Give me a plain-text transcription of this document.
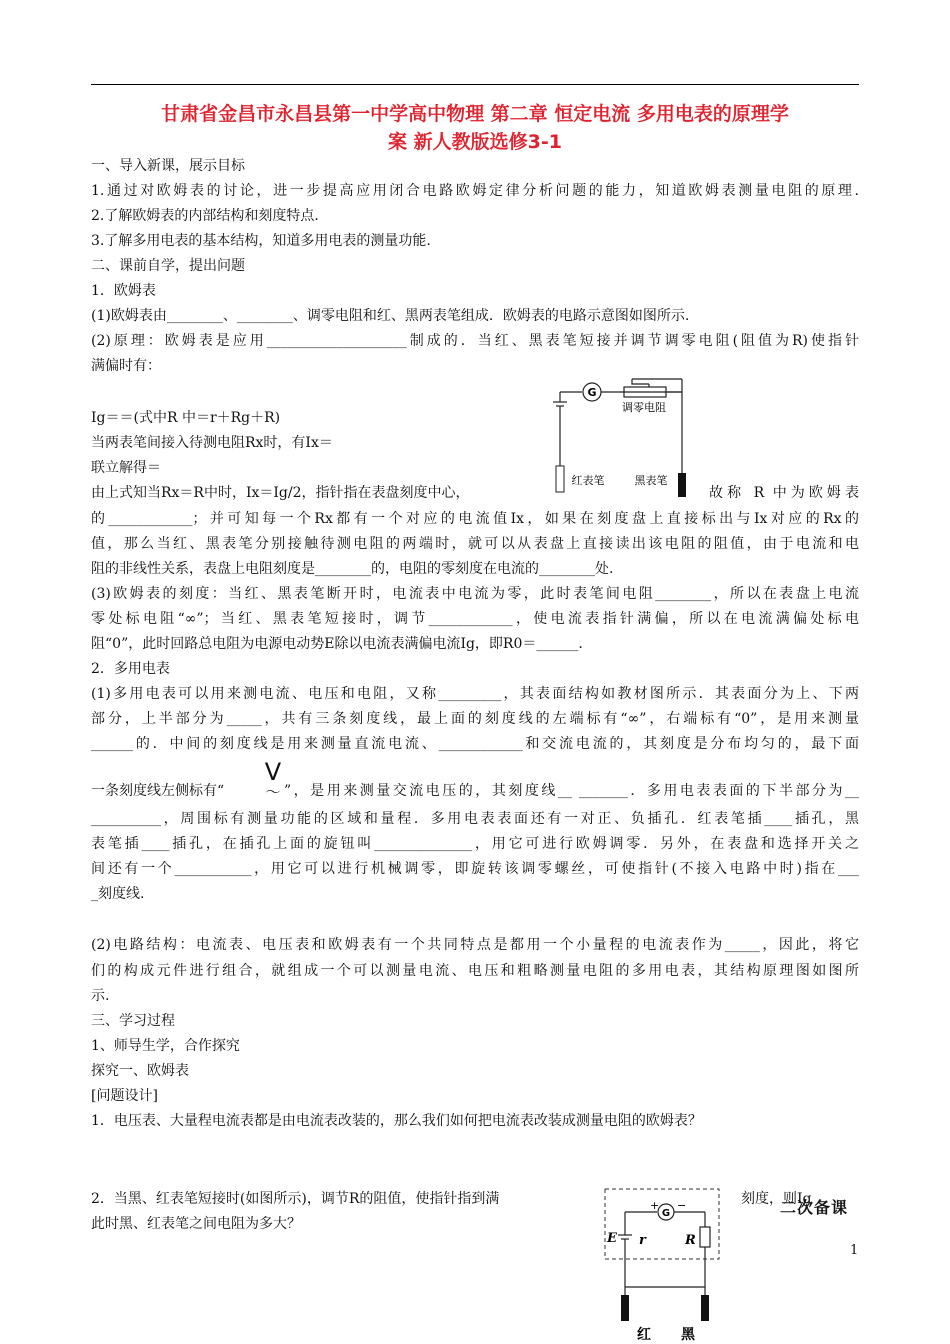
甘肃省金昌市永昌县第一中学高中物理 第二章 恒定电流 多用电表的原理学
案 新人教版选修3-1
一、导入新课，展示目标
1.通过对欧姆表的讨论，进一步提高应用闭合电路欧姆定律分析问题的能力，知道欧姆表测量电阻的原理.
2.了解欧姆表的内部结构和刻度特点.
3.了解多用电表的基本结构，知道多用电表的测量功能.
二、课前自学，提出问题
1．欧姆表
(1)欧姆表由________、________、调零电阻和红、黑两表笔组成．欧姆表的电路示意图如图所示.
(2)原理：欧姆表是应用____________________制成的．当红、黑表笔短接并调节调零电阻(阻值为R)使指针
满偏时有：
Ig＝＝(式中R 中＝r＋Rg＋R)
当两表笔间接入待测电阻Rx时，有Ix＝
联立解得＝
由上式知当Rx＝R中时，Ix＝Ig/2，指针指在表盘刻度中心，	故称 R 中为欧姆表
的____________；并可知每一个Rx都有一个对应的电流值Ix，如果在刻度盘上直接标出与Ix对应的Rx的
值，那么当红、黑表笔分别接触待测电阻的两端时，就可以从表盘上直接读出该电阻的阻值，由于电流和电
阻的非线性关系，表盘上电阻刻度是________的，电阻的零刻度在电流的________处.
(3)欧姆表的刻度：当红、黑表笔断开时，电流表中电流为零，此时表笔间电阻________，所以在表盘上电流
零处标电阻“∞”；当红、黑表笔短接时，调节____________，使电流表指针满偏，所以在电流满偏处标电
阻“0”，此时回路总电阻为电源电动势E除以电流表满偏电流Ig，即R0＝______.
2．多用电表
(1)多用电表可以用来测电流、电压和电阻，又称_________，其表面结构如教材图所示．其表面分为上、下两
部分，上半部分为_____，共有三条刻度线，最上面的刻度线的左端标有“∞”，右端标有“0”，是用来测量
______的．中间的刻度线是用来测量直流电流、____________和交流电流的，其刻度是分布均匀的，最下面
一条刻度线左侧标有“
V
～ ”，是用来测量交流电压的，其刻度线__ _______．多用电表表面的下半部分为__
__________，周围标有测量功能的区域和量程．多用电表表面还有一对正、负插孔．红表笔插____插孔，黑
表笔插____插孔，在插孔上面的旋钮叫______________，用它可进行欧姆调零．另外，在表盘和选择开关之
间还有一个___________，用它可以进行机械调零，即旋转该调零螺丝，可使指针(不接入电路中时)指在___
_刻度线.
(2)电路结构：电流表、电压表和欧姆表有一个共同特点是都用一个小量程的电流表作为_____，因此，将它
们的构成元件进行组合，就组成一个可以测量电流、电压和粗略测量电阻的多用电表，其结构原理图如图所
示.
三、学习过程
1、师导生学，合作探究
探究一、欧姆表
[问题设计]
1．电压表、大量程电流表都是由电流表改装的，那么我们如何把电流表改装成测量电阻的欧姆表？
2．当黑、红表笔短接时(如图所示)，调节R的阻值，使指针指到满	刻度，则Ig
此时黑、红表笔之间电阻为多大？
G
调零电阻
红表笔	黑表笔
+
G
−
E r	R
红 黑
二次备课
1
